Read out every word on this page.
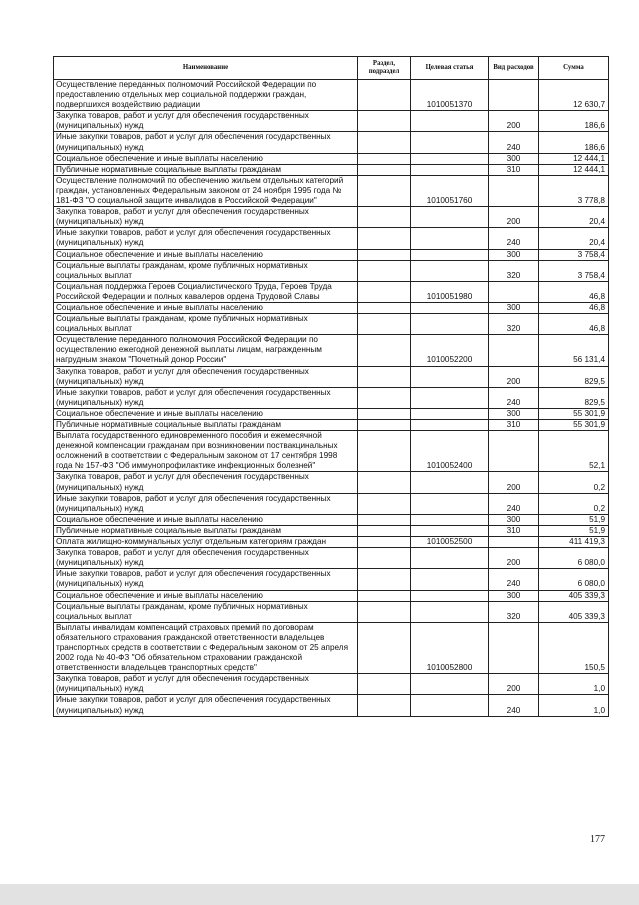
Наименование	Раздел, подраздел	Целевая статья	Вид расходов	Сумма
Осуществление переданных полномочий Российской Федерации по предоставлению отдельных мер социальной поддержки граждан, подвергшихся воздействию радиации		1010051370		12 630,7
Закупка товаров, работ и услуг для обеспечения государственных (муниципальных) нужд			200	186,6
Иные закупки товаров, работ и услуг для обеспечения государственных (муниципальных) нужд			240	186,6
Социальное обеспечение и иные выплаты населению			300	12 444,1
Публичные нормативные социальные выплаты гражданам			310	12 444,1
Осуществление полномочий по обеспечению жильем отдельных категорий граждан, установленных Федеральным законом от 24 ноября 1995 года № 181-ФЗ "О социальной защите инвалидов в Российской Федерации"		1010051760		3 778,8
Закупка товаров, работ и услуг для обеспечения государственных (муниципальных) нужд			200	20,4
Иные закупки товаров, работ и услуг для обеспечения государственных (муниципальных) нужд			240	20,4
Социальное обеспечение и иные выплаты населению			300	3 758,4
Социальные выплаты гражданам, кроме публичных нормативных социальных выплат			320	3 758,4
Социальная поддержка Героев Социалистического Труда, Героев Труда Российской Федерации и полных кавалеров ордена Трудовой Славы		1010051980		46,8
Социальное обеспечение и иные выплаты населению			300	46,8
Социальные выплаты гражданам, кроме публичных нормативных социальных выплат			320	46,8
Осуществление переданного полномочия Российской Федерации по осуществлению ежегодной денежной выплаты лицам, награжденным нагрудным знаком "Почетный донор России"		1010052200		56 131,4
Закупка товаров, работ и услуг для обеспечения государственных (муниципальных) нужд			200	829,5
Иные закупки товаров, работ и услуг для обеспечения государственных (муниципальных) нужд			240	829,5
Социальное обеспечение и иные выплаты населению			300	55 301,9
Публичные нормативные социальные выплаты гражданам			310	55 301,9
Выплата государственного единовременного пособия и ежемесячной денежной компенсации гражданам при возникновении поствакцинальных осложнений в соответствии с Федеральным законом от 17 сентября 1998 года № 157-ФЗ "Об иммунопрофилактике инфекционных болезней"		1010052400		52,1
Закупка товаров, работ и услуг для обеспечения государственных (муниципальных) нужд			200	0,2
Иные закупки товаров, работ и услуг для обеспечения государственных (муниципальных) нужд			240	0,2
Социальное обеспечение и иные выплаты населению			300	51,9
Публичные нормативные социальные выплаты гражданам			310	51,9
Оплата жилищно-коммунальных услуг отдельным категориям граждан		1010052500		411 419,3
Закупка товаров, работ и услуг для обеспечения государственных (муниципальных) нужд			200	6 080,0
Иные закупки товаров, работ и услуг для обеспечения государственных (муниципальных) нужд			240	6 080,0
Социальное обеспечение и иные выплаты населению			300	405 339,3
Социальные выплаты гражданам, кроме публичных нормативных социальных выплат			320	405 339,3
Выплаты инвалидам компенсаций страховых премий по договорам обязательного страхования гражданской ответственности владельцев транспортных средств в соответствии с Федеральным законом от 25 апреля 2002 года № 40-ФЗ "Об обязательном страховании гражданской ответственности владельцев транспортных средств"		1010052800		150,5
Закупка товаров, работ и услуг для обеспечения государственных (муниципальных) нужд			200	1,0
Иные закупки товаров, работ и услуг для обеспечения государственных (муниципальных) нужд			240	1,0
177
